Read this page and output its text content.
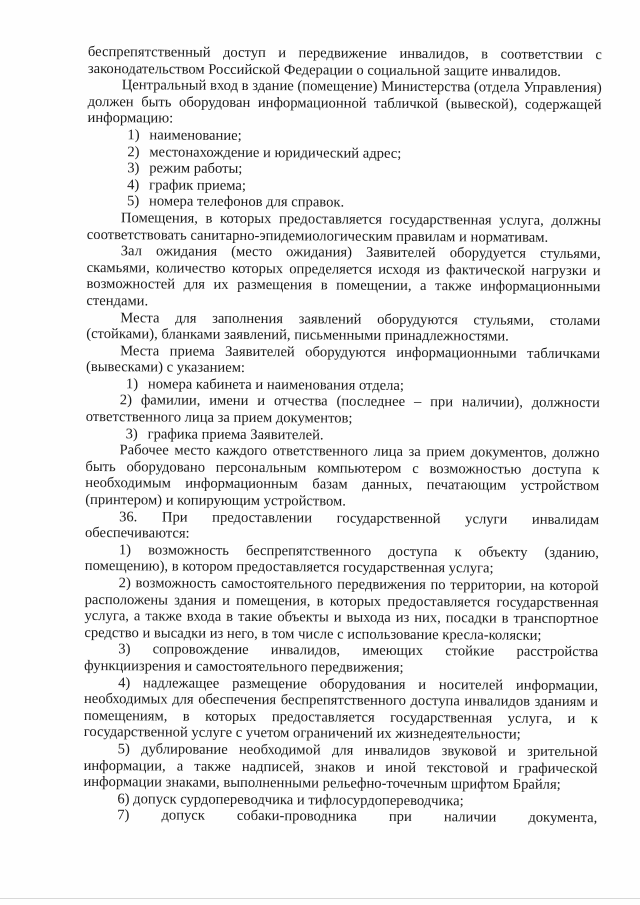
беспрепятственный доступ и передвижение инвалидов, в соответствии с законодательством Российской Федерации о социальной защите инвалидов.
Центральный вход в здание (помещение) Министерства (отдела Управления) должен быть оборудован информационной табличкой (вывеской), содержащей информацию:
1) наименование;
2) местонахождение и юридический адрес;
3) режим работы;
4) график приема;
5) номера телефонов для справок.
Помещения, в которых предоставляется государственная услуга, должны соответствовать санитарно-эпидемиологическим правилам и нормативам.
Зал ожидания (место ожидания) Заявителей оборудуется стульями, скамьями, количество которых определяется исходя из фактической нагрузки и возможностей для их размещения в помещении, а также информационными стендами.
Места для заполнения заявлений оборудуются стульями, столами (стойками), бланками заявлений, письменными принадлежностями.
Места приема Заявителей оборудуются информационными табличками (вывесками) с указанием:
1) номера кабинета и наименования отдела;
2) фамилии, имени и отчества (последнее – при наличии), должности ответственного лица за прием документов;
3) графика приема Заявителей.
Рабочее место каждого ответственного лица за прием документов, должно быть оборудовано персональным компьютером с возможностью доступа к необходимым информационным базам данных, печатающим устройством (принтером) и копирующим устройством.
36. При предоставлении государственной услуги инвалидам обеспечиваются:
1) возможность беспрепятственного доступа к объекту (зданию, помещению), в котором предоставляется государственная услуга;
2) возможность самостоятельного передвижения по территории, на которой расположены здания и помещения, в которых предоставляется государственная услуга, а также входа в такие объекты и выхода из них, посадки в транспортное средство и высадки из него, в том числе с использование кресла-коляски;
3) сопровождение инвалидов, имеющих стойкие расстройства функциизрения и самостоятельного передвижения;
4) надлежащее размещение оборудования и носителей информации, необходимых для обеспечения беспрепятственного доступа инвалидов зданиям и помещениям, в которых предоставляется государственная услуга, и к государственной услуге с учетом ограничений их жизнедеятельности;
5) дублирование необходимой для инвалидов звуковой и зрительной информации, а также надписей, знаков и иной текстовой и графической информации знаками, выполненными рельефно-точечным шрифтом Брайля;
6) допуск сурдопереводчика и тифлосурдопереводчика;
7) допуск собаки-проводника при наличии документа,
